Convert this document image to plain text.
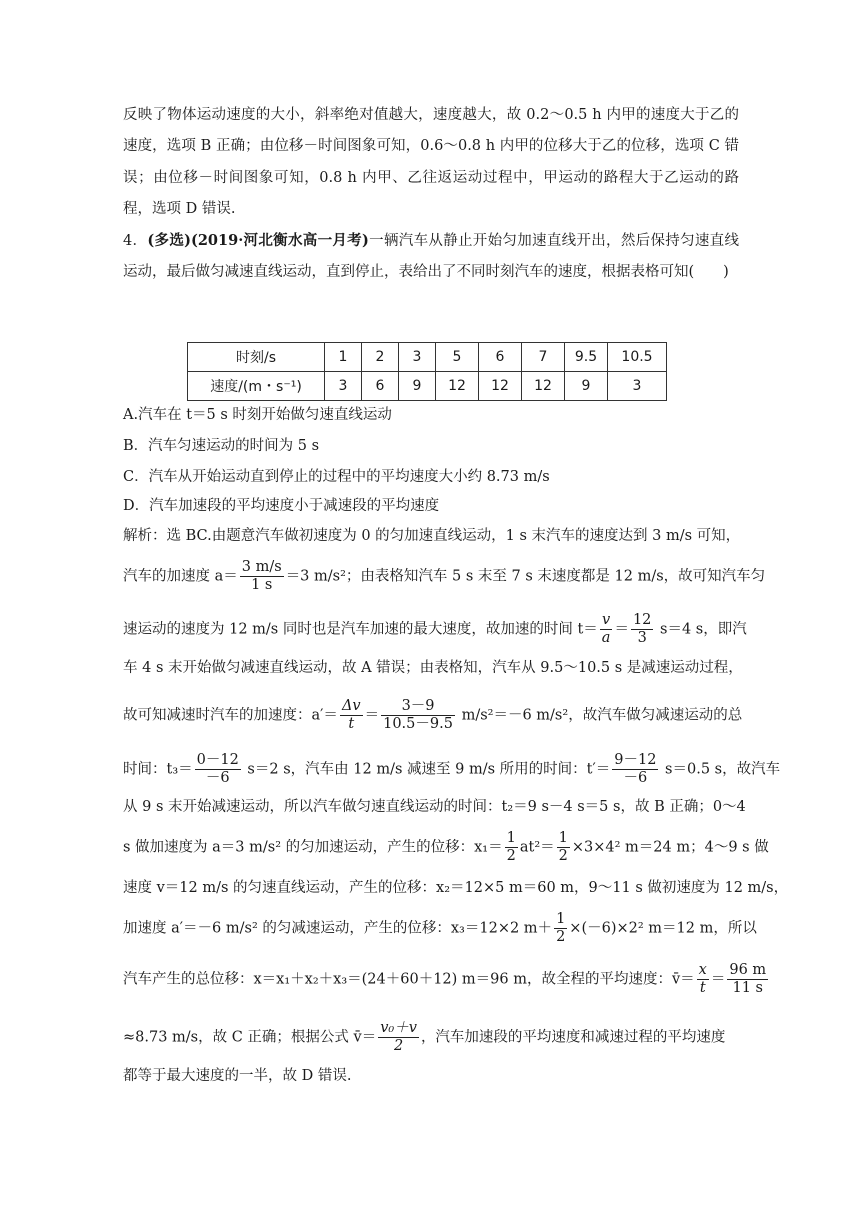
反映了物体运动速度的大小，斜率绝对值越大，速度越大，故 0.2～0.5 h 内甲的速度大于乙的
速度，选项 B 正确；由位移－时间图象可知，0.6～0.8 h 内甲的位移大于乙的位移，选项 C 错
误；由位移－时间图象可知，0.8 h 内甲、乙往返运动过程中，甲运动的路程大于乙运动的路
程，选项 D 错误.
4．(多选)(2019·河北衡水高一月考)一辆汽车从静止开始匀加速直线开出，然后保持匀速直线
运动，最后做匀减速直线运动，直到停止，表给出了不同时刻汽车的速度，根据表格可知(　　)
时刻/s	1	2	3	5	6	7	9.5	10.5
速度/(m・s⁻¹)	3	6	9	12	12	12	9	3
A.汽车在 t＝5 s 时刻开始做匀速直线运动
B．汽车匀速运动的时间为 5 s
C．汽车从开始运动直到停止的过程中的平均速度大小约 8.73 m/s
D．汽车加速段的平均速度小于减速段的平均速度
解析：选 BC.由题意汽车做初速度为 0 的匀加速直线运动，1 s 末汽车的速度达到 3 m/s 可知，
汽车的加速度 $a= \frac{3 m/s}{1 s} =3$ m/s²；由表格知汽车 5 s 末至 7 s 末速度都是 12 m/s，故可知汽车匀
速运动的速度为 12 m/s 同时也是汽车加速的最大速度，故加速的时间 $t= \frac{v}{a} = \frac{12}{3} s=4$ s，即汽
车 4 s 末开始做匀减速直线运动，故 A 错误；由表格知，汽车从 9.5～10.5 s 是减速运动过程，
故可知减速时汽车的加速度：$a'= \frac{\Delta v}{t} = \frac{3-9}{10.5-9.5} m/s^2=-6$ m/s²，故汽车做匀减速运动的总
时间：$t_3= \frac{0-12}{-6} s=2$ s，汽车由 12 m/s 减速至 9 m/s 所用的时间：$t'= \frac{9-12}{-6} s=0.5$ s，故汽车
从 9 s 末开始减速运动，所以汽车做匀速直线运动的时间：t₂＝9 s－4 s＝5 s，故 B 正确；0～4
s 做加速度为 a＝3 m/s² 的匀加速运动，产生的位移：$x_1= \frac{1}{2} at^2= \frac{1}{2} \times 3\times 4^2$ m＝24 m；4～9 s 做
速度 v＝12 m/s 的匀速直线运动，产生的位移：x₂＝12×5 m＝60 m，9～11 s 做初速度为 12 m/s，
加速度 a′＝－6 m/s² 的匀减速运动，产生的位移：x₃＝12×2 $m+ \frac{1}{2} \times(-6)\times 2^2$ m＝12 m，所以
汽车产生的总位移：x＝x₁＋x₂＋x₃＝(24＋60＋12) m＝96 m，故全程的平均速度：v̄＝ $\frac{x}{t} = \frac{96 m}{11 s}$
≈8.73 m/s，故 C 正确；根据公式 v̄＝ $\frac{\text{v₀＋v}}{2}$ ，汽车加速段的平均速度和减速过程的平均速度
都等于最大速度的一半，故 D 错误.
